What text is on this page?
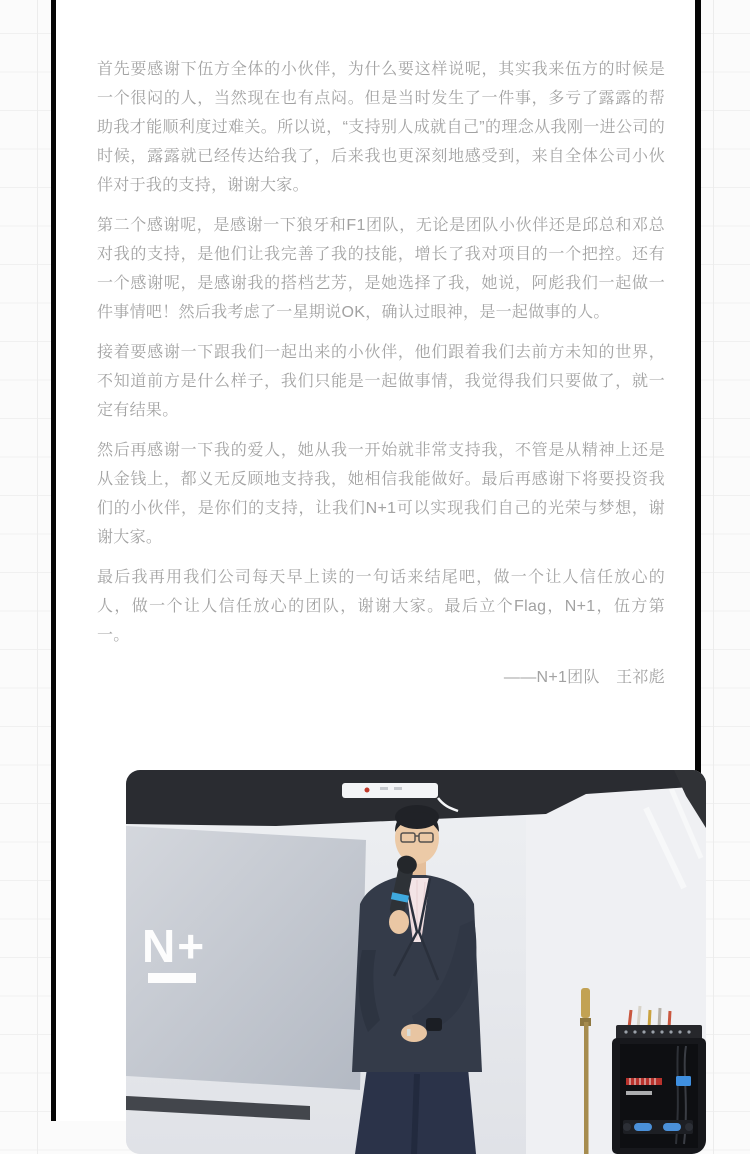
首先要感谢下伍方全体的小伙伴，为什么要这样说呢，其实我来伍方的时候是一个很闷的人，当然现在也有点闷。但是当时发生了一件事，多亏了露露的帮助我才能顺利度过难关。所以说，“支持别人成就自己”的理念从我刚一进公司的时候，露露就已经传达给我了，后来我也更深刻地感受到，来自全体公司小伙伴对于我的支持，谢谢大家。

第二个感谢呢，是感谢一下狼牙和F1团队，无论是团队小伙伴还是邱总和邓总对我的支持，是他们让我完善了我的技能，增长了我对项目的一个把控。还有一个感谢呢，是感谢我的搭档艺芳，是她选择了我，她说，阿彪我们一起做一件事情吧！然后我考虑了一星期说OK，确认过眼神，是一起做事的人。

接着要感谢一下跟我们一起出来的小伙伴，他们跟着我们去前方未知的世界，不知道前方是什么样子，我们只能是一起做事情，我觉得我们只要做了，就一定有结果。

然后再感谢一下我的爱人，她从我一开始就非常支持我，不管是从精神上还是从金钱上，都义无反顾地支持我，她相信我能做好。最后再感谢下将要投资我们的小伙伴，是你们的支持，让我们N+1可以实现我们自己的光荣与梦想，谢谢大家。

最后我再用我们公司每天早上读的一句话来结尾吧，做一个让人信任放心的人，做一个让人信任放心的团队，谢谢大家。最后立个Flag，N+1，伍方第一。

——N+1团队　王祁彪

N+
